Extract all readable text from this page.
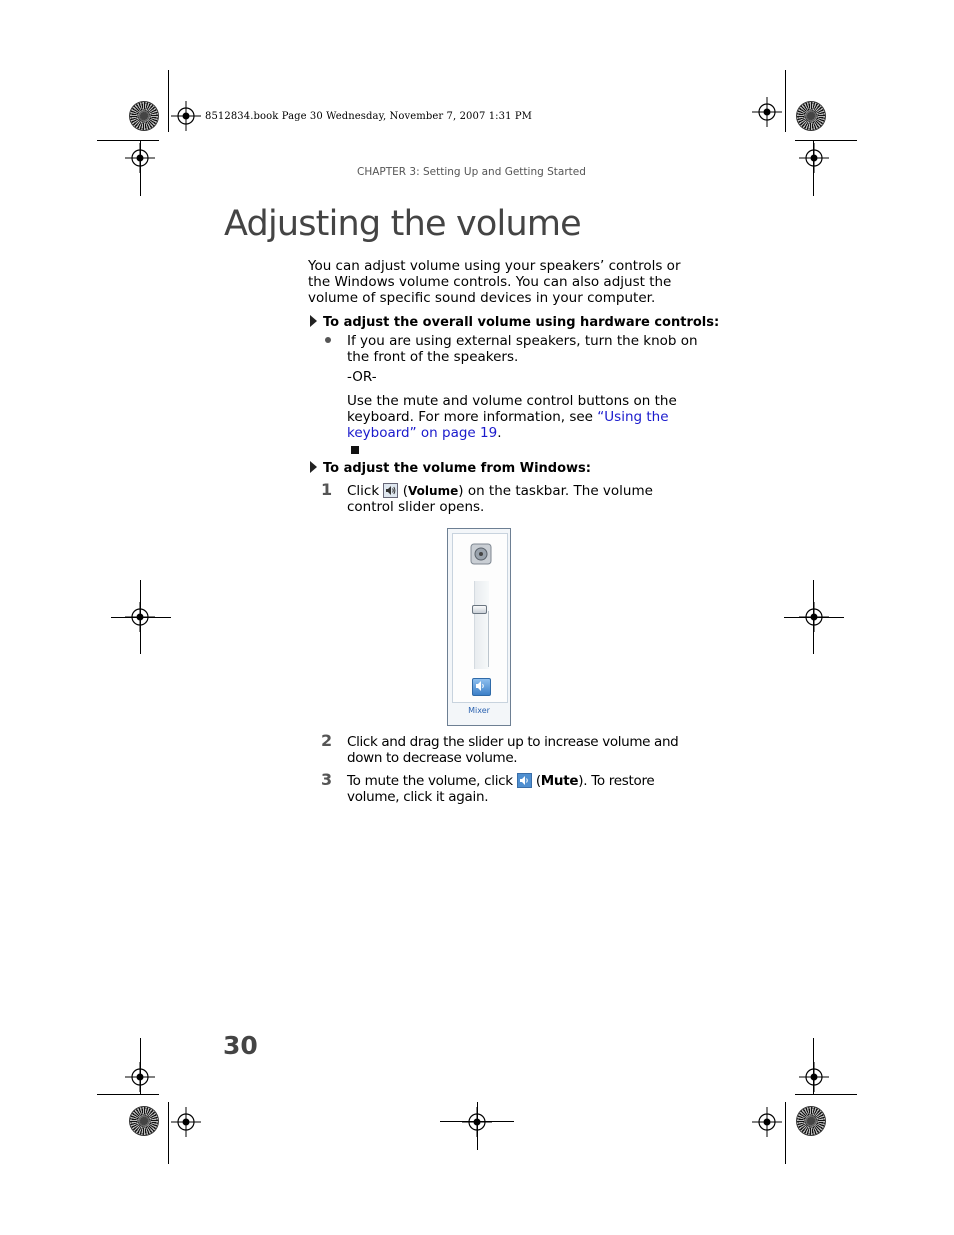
8512834.book Page 30 Wednesday, November 7, 2007 1:31 PM
CHAPTER 3: Setting Up and Getting Started
Adjusting the volume
You can adjust volume using your speakers’ controls or the Windows volume controls. You can also adjust the volume of specific sound devices in your computer.
To adjust the overall volume using hardware controls:
If you are using external speakers, turn the knob on the front of the speakers.
-OR-
Use the mute and volume control buttons on the keyboard. For more information, see “Using the keyboard” on page 19.
To adjust the volume from Windows:
1 Click (Volume) on the taskbar. The volume control slider opens.
Mixer
2 Click and drag the slider up to increase volume and down to decrease volume.
3 To mute the volume, click (Mute). To restore volume, click it again.
30
